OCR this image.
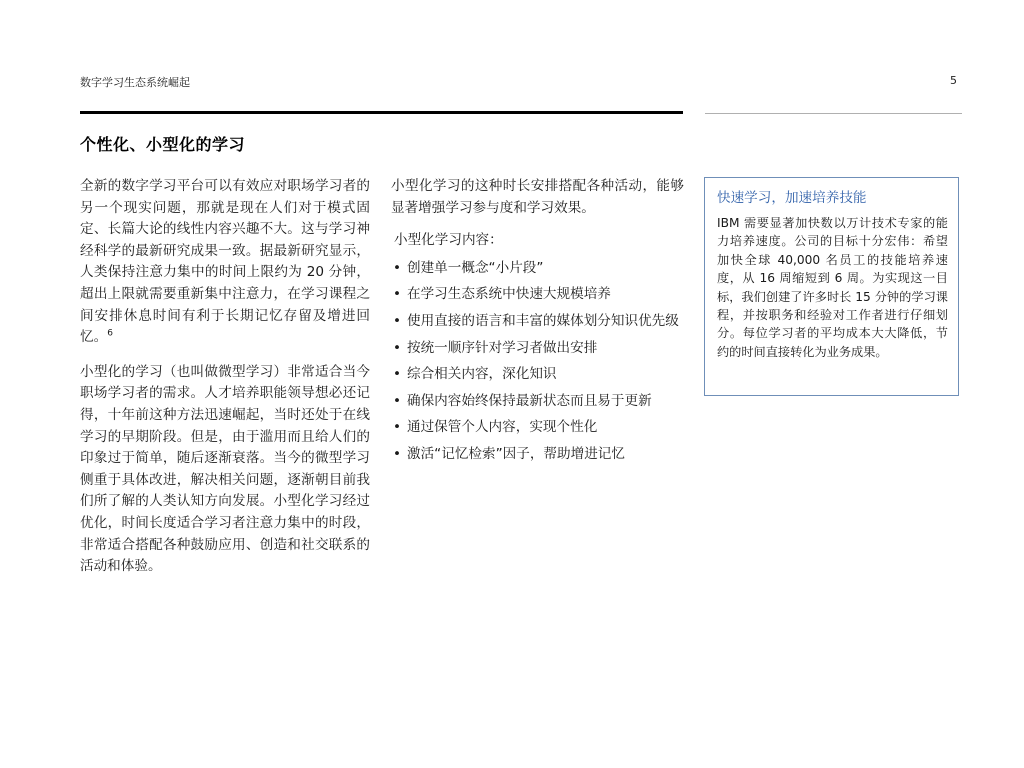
数字学习生态系统崛起	5
个性化、小型化的学习

全新的数字学习平台可以有效应对职场学习者的另一个现实问题，那就是现在人们对于模式固定、长篇大论的线性内容兴趣不大。这与学习神经科学的最新研究成果一致。据最新研究显示，人类保持注意力集中的时间上限约为 20 分钟，超出上限就需要重新集中注意力，在学习课程之间安排休息时间有利于长期记忆存留及增进回忆。$^6$

小型化的学习（也叫做微型学习）非常适合当今职场学习者的需求。人才培养职能领导想必还记得，十年前这种方法迅速崛起，当时还处于在线学习的早期阶段。但是，由于滥用而且给人们的印象过于简单，随后逐渐衰落。当今的微型学习侧重于具体改进，解决相关问题，逐渐朝目前我们所了解的人类认知方向发展。小型化学习经过优化，时间长度适合学习者注意力集中的时段，非常适合搭配各种鼓励应用、创造和社交联系的活动和体验。

小型化学习的这种时长安排搭配各种活动，能够显著增强学习参与度和学习效果。

小型化学习内容：

• 创建单一概念“小片段”
• 在学习生态系统中快速大规模培养
• 使用直接的语言和丰富的媒体划分知识优先级
• 按统一顺序针对学习者做出安排
• 综合相关内容，深化知识
• 确保内容始终保持最新状态而且易于更新
• 通过保管个人内容，实现个性化
• 激活“记忆检索”因子，帮助增进记忆
快速学习，加速培养技能

IBM 需要显著加快数以万计技术专家的能力培养速度。公司的目标十分宏伟：希望加快全球 40,000 名员工的技能培养速度，从 16 周缩短到 6 周。为实现这一目标，我们创建了许多时长 15 分钟的学习课程，并按职务和经验对工作者进行仔细划分。每位学习者的平均成本大大降低，节约的时间直接转化为业务成果。
